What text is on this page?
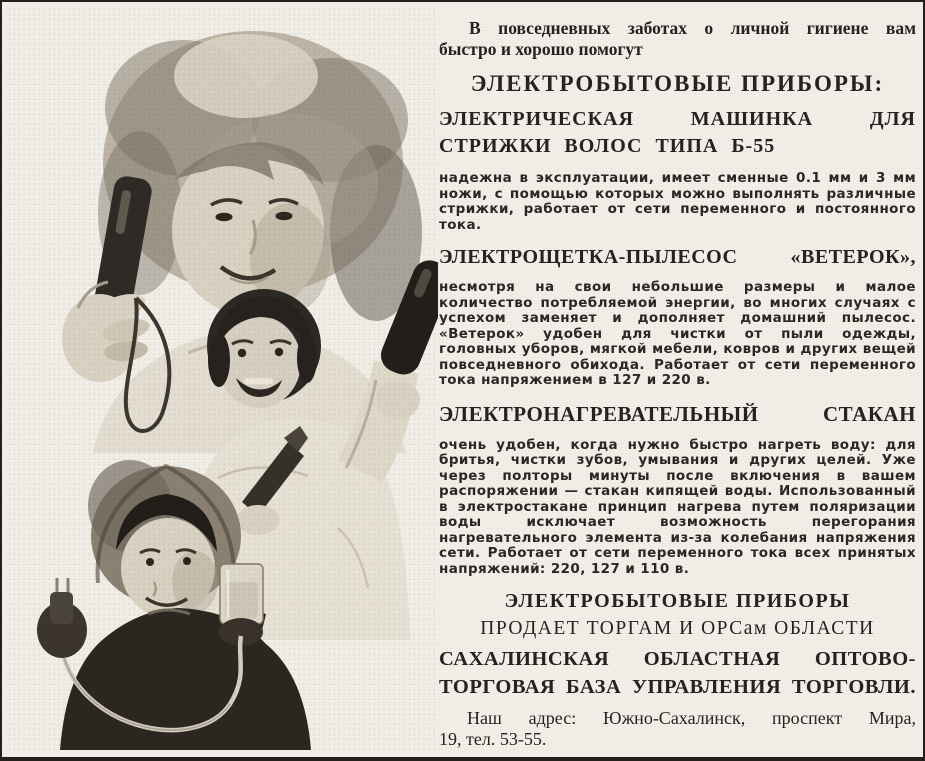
В повседневных заботах о личной гигиене вам
быстро и хорошо помогут
ЭЛЕКТРОБЫТОВЫЕ ПРИБОРЫ:
ЭЛЕКТРИЧЕСКАЯ МАШИНКА ДЛЯ
СТРИЖКИ ВОЛОС ТИПА Б-55
надежна в эксплуатации, имеет сменные 0.1 мм и 3 мм ножи, с помощью которых можно выполнять различные стрижки, работает от сети переменного и постоянного тока.
ЭЛЕКТРОЩЕТКА-ПЫЛЕСОС «ВЕТЕРОК»,
несмотря на свои небольшие размеры и малое количество потребляемой энергии, во многих случаях с успехом заменяет и дополняет домашний пылесос. «Ветерок» удобен для чистки от пыли одежды, головных уборов, мягкой мебели, ковров и других вещей повседневного обихода. Работает от сети переменного тока напряжением в 127 и 220 в.
ЭЛЕКТРОНАГРЕВАТЕЛЬНЫЙ СТАКАН
очень удобен, когда нужно быстро нагреть воду: для бритья, чистки зубов, умывания и других целей. Уже через полторы минуты после включения в вашем распоряжении — стакан кипящей воды. Использованный в электростакане принцип нагрева путем поляризации воды исключает возможность перегорания нагревательного элемента из-за колебания напряжения сети. Работает от сети переменного тока всех принятых напряжений: 220, 127 и 110 в.
ЭЛЕКТРОБЫТОВЫЕ ПРИБОРЫ
ПРОДАЕТ ТОРГАМ И ОРСам ОБЛАСТИ
САХАЛИНСКАЯ ОБЛАСТНАЯ ОПТОВО-
ТОРГОВАЯ БАЗА УПРАВЛЕНИЯ ТОРГОВЛИ.
Наш адрес: Южно-Сахалинск, проспект Мира,
19, тел. 53-55.
